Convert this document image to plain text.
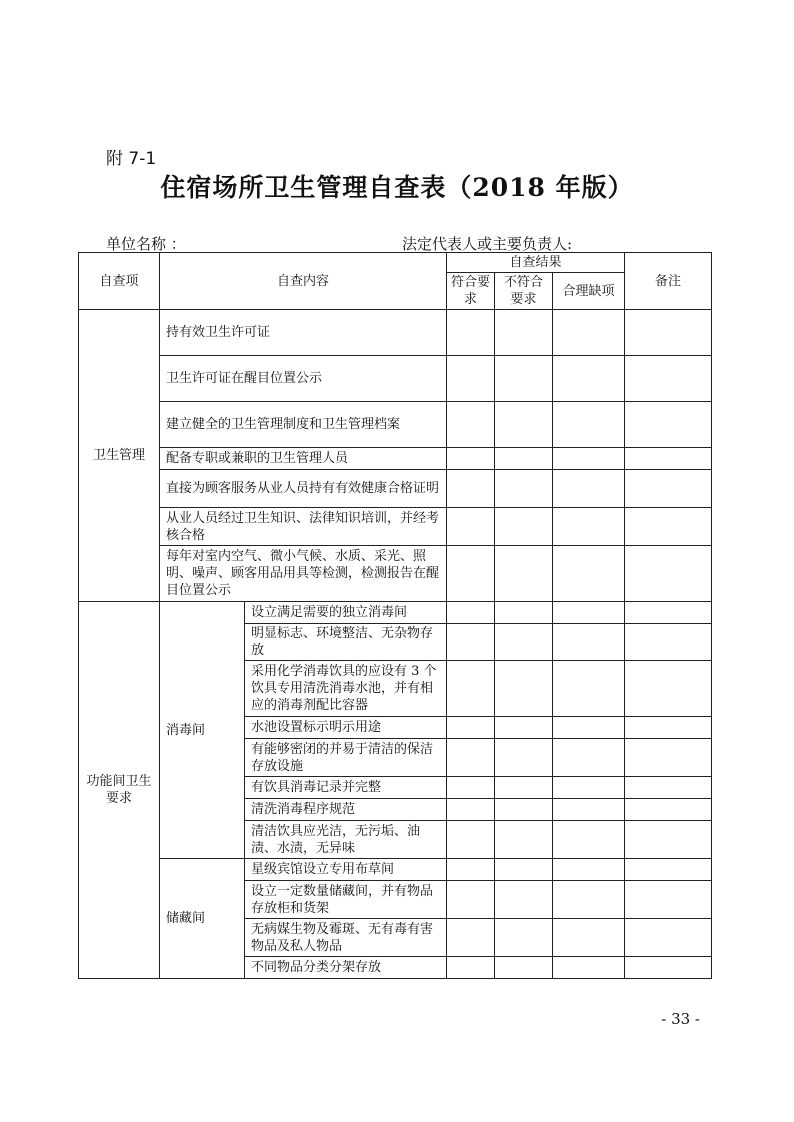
附 7-1
住宿场所卫生管理自查表（2018 年版）
单位名称 ：	法定代表人或主要负责人:
自查项	自查内容		自查结果			备注
			符合要求	不符合要求	合理缺项	
卫生管理	持有效卫生许可证					
	卫生许可证在醒目位置公示					
	建立健全的卫生管理制度和卫生管理档案					
	配备专职或兼职的卫生管理人员					
	直接为顾客服务从业人员持有有效健康合格证明					
	从业人员经过卫生知识、法律知识培训，并经考核合格					
	每年对室内空气、微小气候、水质、采光、照明、噪声、顾客用品用具等检测，检测报告在醒目位置公示					
功能间卫生要求	消毒间	设立满足需要的独立消毒间				
		明显标志、环境整洁、无杂物存放				
		采用化学消毒饮具的应设有 3 个饮具专用清洗消毒水池，并有相应的消毒剂配比容器				
		水池设置标示明示用途				
		有能够密闭的并易于清洁的保洁存放设施				
		有饮具消毒记录并完整				
		清洗消毒程序规范				
		清洁饮具应光洁，无污垢、油渍、水渍，无异味				
	储藏间	星级宾馆设立专用布草间				
		设立一定数量储藏间，并有物品存放柜和货架				
		无病媒生物及霉斑、无有毒有害物品及私人物品				
		不同物品分类分架存放				
- 33 -
